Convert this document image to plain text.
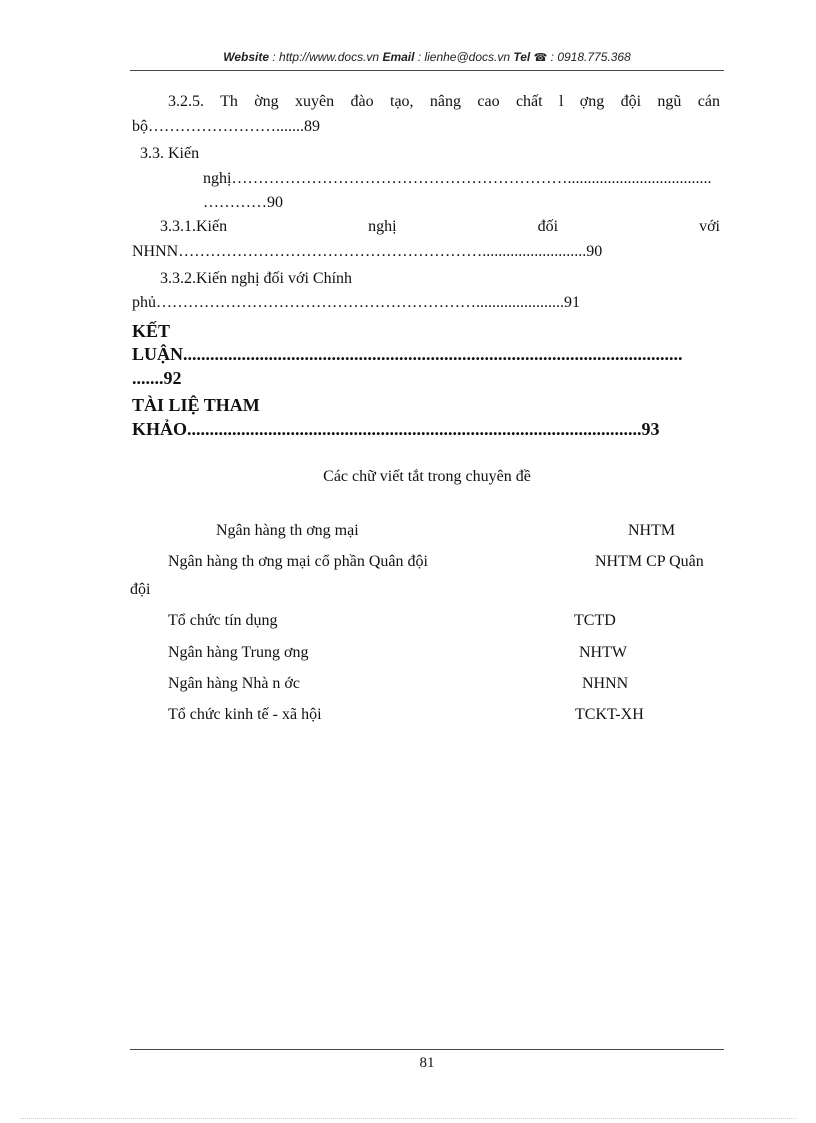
Website : http://www.docs.vn Email : lienhe@docs.vn Tel ☎ : 0918.775.368
3.2.5. Th ờng xuyên đào tạo, nâng cao chất l ợng đội ngũ cán
bộ…………………….......89
3.3. Kiến
nghị………………………………………………………....................................
…………90
3.3.1.Kiến	nghị	đối	với
NHNN…………………………………………………..........................90
3.3.2.Kiến nghị đối với Chính
phủ……………………………………………………......................91
KẾT
LUẬN...............................................................................................................
.......92
TÀI LIỆ THAM
KHẢO.....................................................................................................93
Các chữ viết tắt trong chuyên đề
Ngân hàng th ơng mại	NHTM
Ngân hàng th ơng mại cổ phần Quân đội	NHTM CP Quân
đội
Tổ chức tín dụng	TCTD
Ngân hàng Trung ơng	NHTW
Ngân hàng Nhà n ớc	NHNN
Tổ chức kinh tế - xã hội	TCKT-XH
81
